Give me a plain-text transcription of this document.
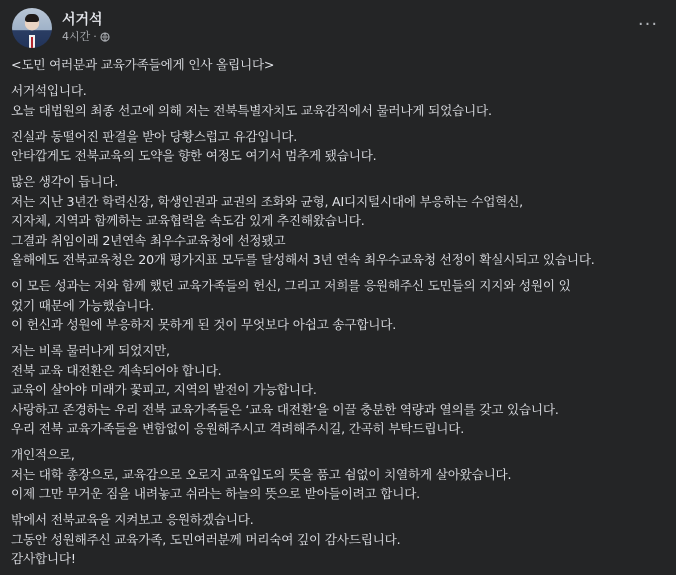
서거석
4시간 ·
···
<도민 여러분과 교육가족들에게 인사 올립니다>
서거석입니다.
오늘 대법원의 최종 선고에 의해 저는 전북특별자치도 교육감직에서 물러나게 되었습니다.
진실과 동떨어진 판결을 받아 당황스럽고 유감입니다.
안타깝게도 전북교육의 도약을 향한 여정도 여기서 멈추게 됐습니다.
많은 생각이 듭니다.
저는 지난 3년간 학력신장, 학생인권과 교권의 조화와 균형, AI디지털시대에 부응하는 수업혁신,
지자체, 지역과 함께하는 교육협력을 속도감 있게 추진해왔습니다.
그결과 취임이래 2년연속 최우수교육청에 선정됐고
올해에도 전북교육청은 20개 평가지표 모두를 달성해서 3년 연속 최우수교육청 선정이 확실시되고 있습니다.
이 모든 성과는 저와 함께 했던 교육가족들의 헌신, 그리고 저희를 응원해주신 도민들의 지지와 성원이 있
었기 때문에 가능했습니다.
이 헌신과 성원에 부응하지 못하게 된 것이 무엇보다 아쉽고 송구합니다.
저는 비록 물러나게 되었지만,
전북 교육 대전환은 계속되어야 합니다.
교육이 살아야 미래가 꽃피고, 지역의 발전이 가능합니다.
사랑하고 존경하는 우리 전북 교육가족들은 ‘교육 대전환’을 이끌 충분한 역량과 열의를 갖고 있습니다.
우리 전북 교육가족들을 변함없이 응원해주시고 격려해주시길, 간곡히 부탁드립니다.
개인적으로,
저는 대학 총장으로, 교육감으로 오로지 교육입도의 뜻을 품고 쉼없이 치열하게 살아왔습니다.
이제 그만 무거운 짐을 내려놓고 쉬라는 하늘의 뜻으로 받아들이려고 합니다.
밖에서 전북교육을 지켜보고 응원하겠습니다.
그동안 성원해주신 교육가족, 도민여러분께 머리숙여 깊이 감사드립니다.
감사합니다!
